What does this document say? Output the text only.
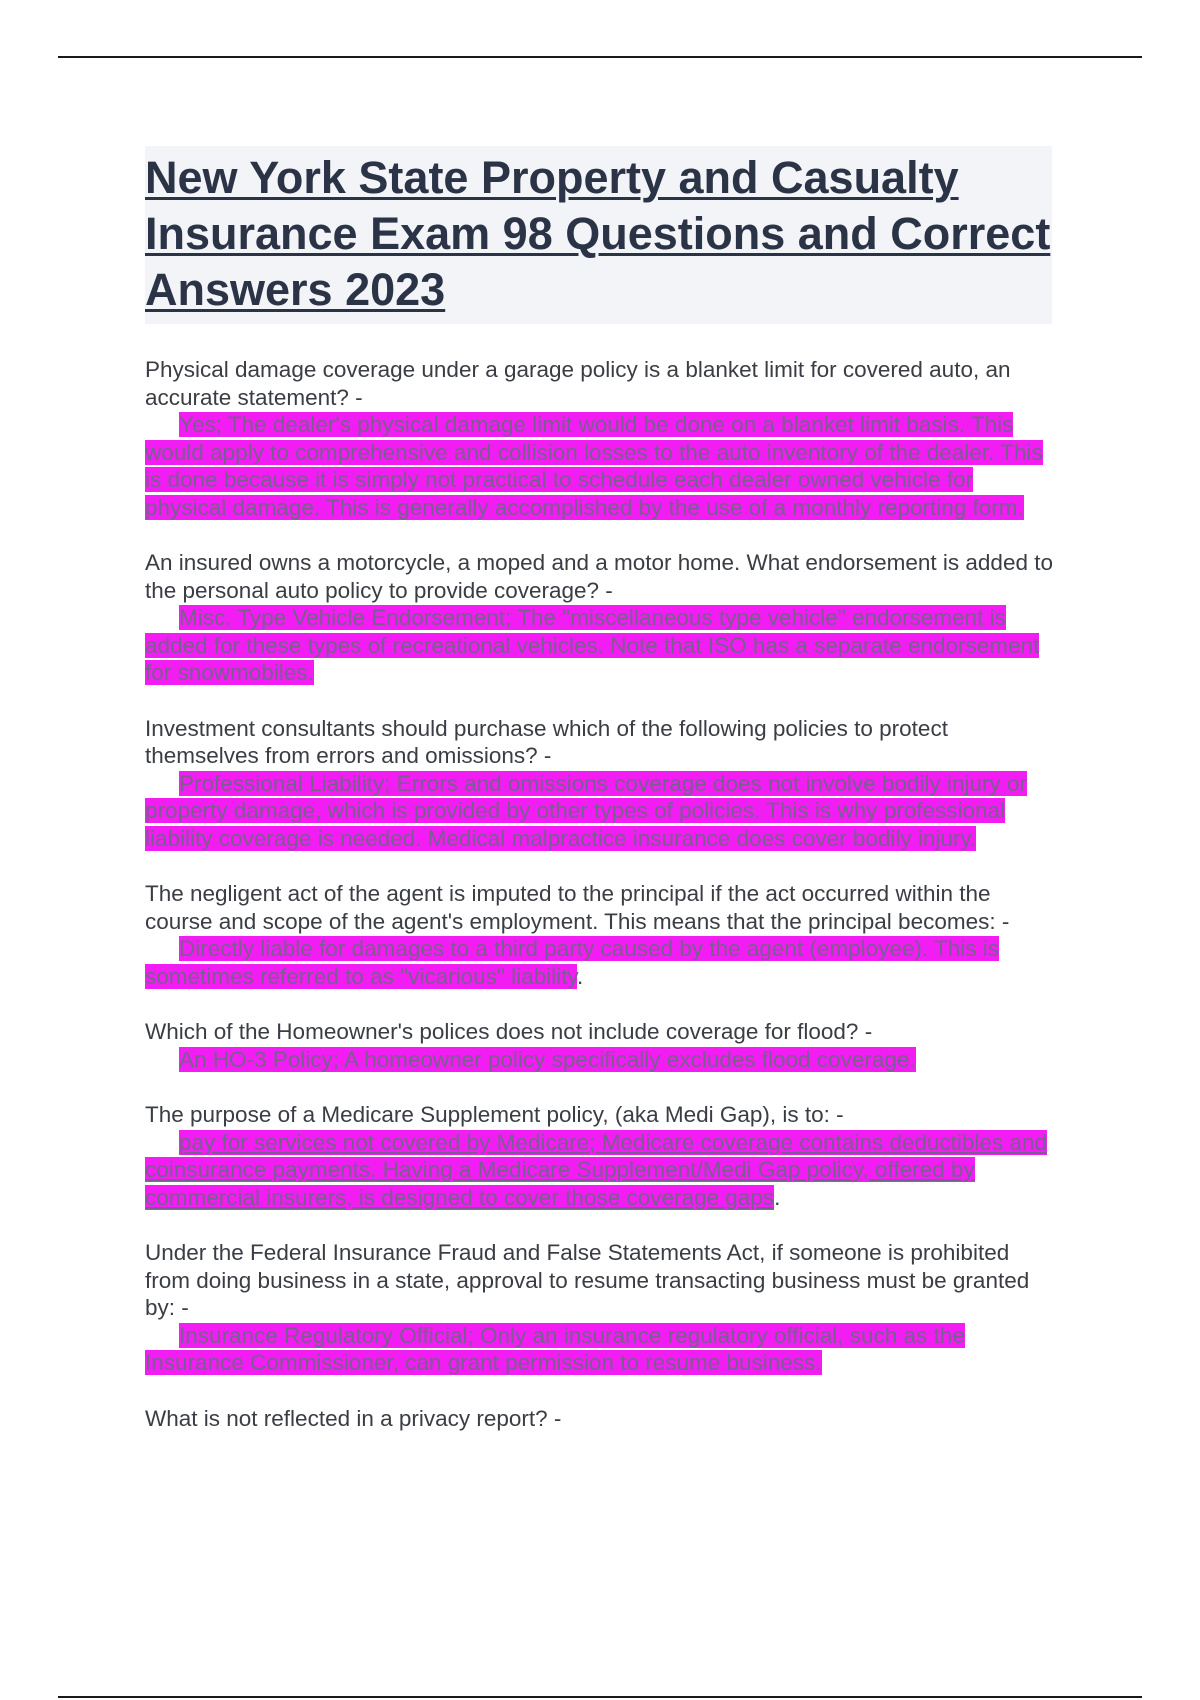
New York State Property and Casualty Insurance Exam 98 Questions and Correct Answers 2023

Physical damage coverage under a garage policy is a blanket limit for covered auto, an accurate statement? -

Yes; The dealer's physical damage limit would be done on a blanket limit basis. This would apply to comprehensive and collision losses to the auto inventory of the dealer. This is done because it is simply not practical to schedule each dealer owned vehicle for physical damage. This is generally accomplished by the use of a monthly reporting form.

An insured owns a motorcycle, a moped and a motor home. What endorsement is added to the personal auto policy to provide coverage? -

Misc. Type Vehicle Endorsement; The "miscellaneous type vehicle" endorsement is added for these types of recreational vehicles. Note that ISO has a separate endorsement for snowmobiles.

Investment consultants should purchase which of the following policies to protect themselves from errors and omissions? -

Professional Liability; Errors and omissions coverage does not involve bodily injury or property damage, which is provided by other types of policies. This is why professional liability coverage is needed. Medical malpractice insurance does cover bodily injury.

The negligent act of the agent is imputed to the principal if the act occurred within the course and scope of the agent's employment. This means that the principal becomes: -

Directly liable for damages to a third party caused by the agent (employee). This is sometimes referred to as "vicarious" liability.

Which of the Homeowner's polices does not include coverage for flood? -

An HO-3 Policy; A homeowner policy specifically excludes flood coverage.

The purpose of a Medicare Supplement policy, (aka Medi Gap), is to: -

pay for services not covered by Medicare; Medicare coverage contains deductibles and coinsurance payments. Having a Medicare Supplement/Medi Gap policy, offered by commercial insurers, is designed to cover those coverage gaps.

Under the Federal Insurance Fraud and False Statements Act, if someone is prohibited from doing business in a state, approval to resume transacting business must be granted by: -

Insurance Regulatory Official; Only an insurance regulatory official, such as the Insurance Commissioner, can grant permission to resume business.

What is not reflected in a privacy report? -
